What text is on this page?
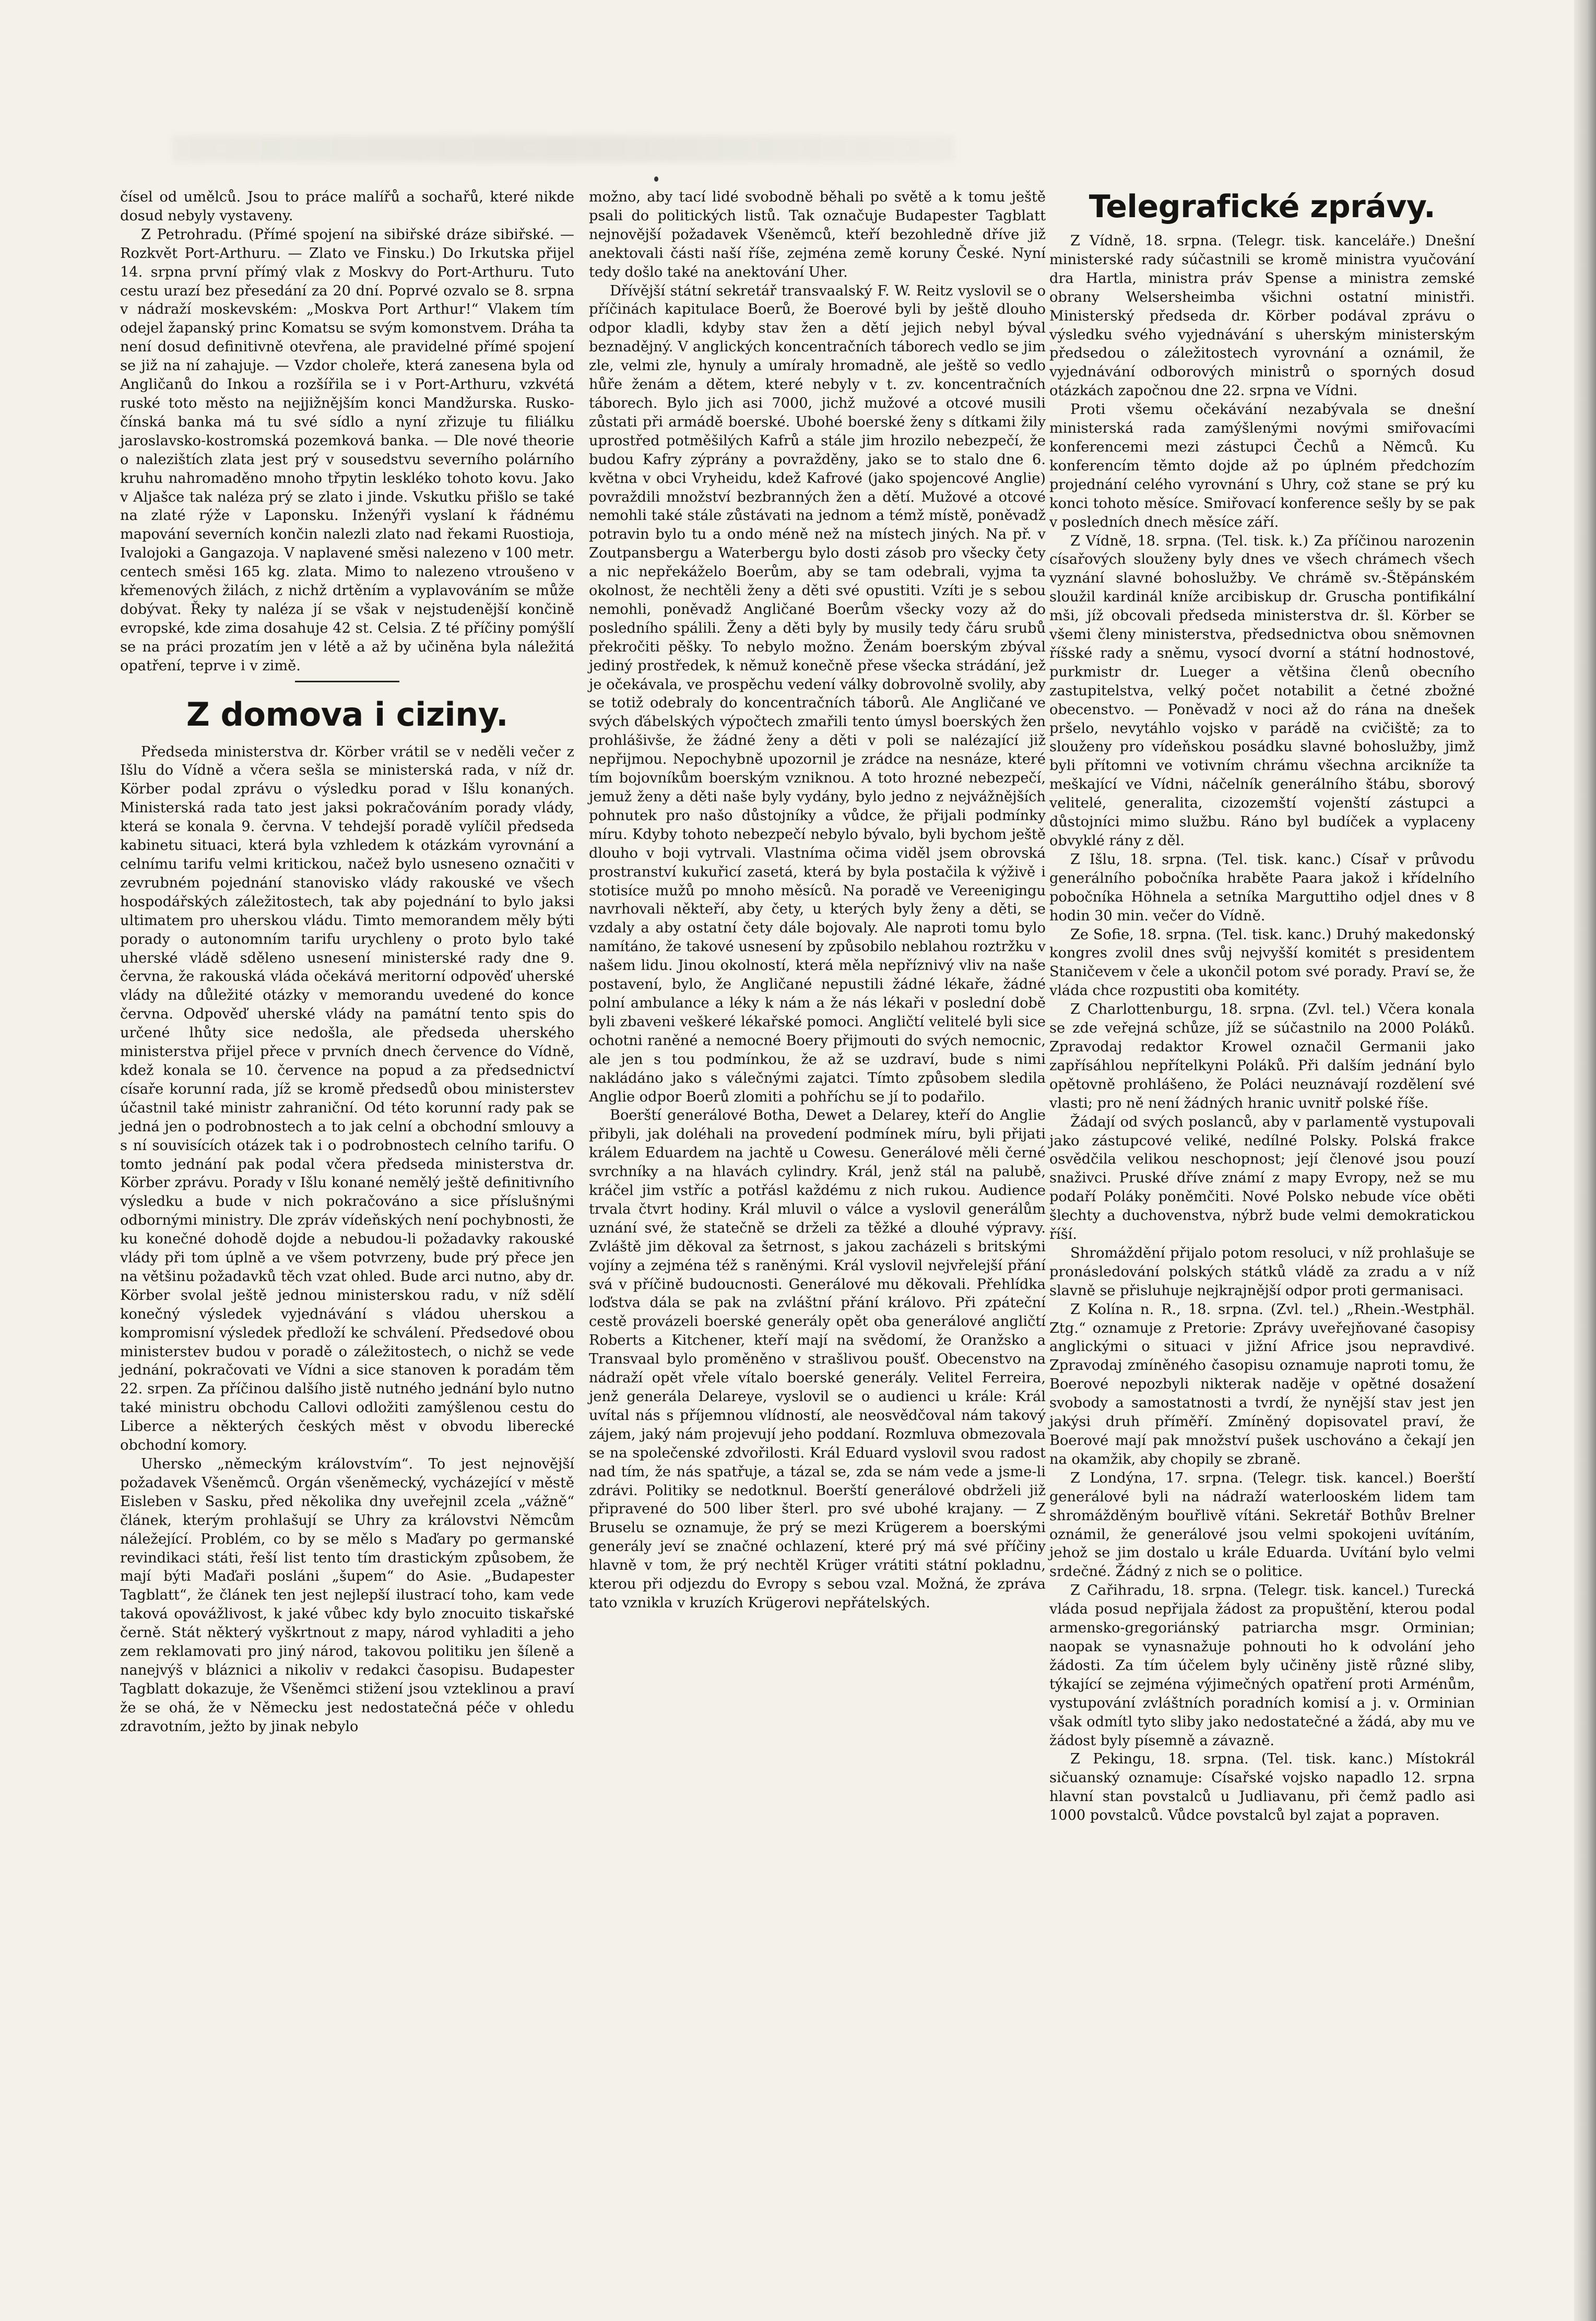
čísel od umělců. Jsou to práce malířů a sochařů, které nikde dosud nebyly vystaveny.

Z Petrohradu. (Přímé spojení na sibiřské dráze sibiřské. — Rozkvět Port-Arthuru. — Zlato ve Finsku.) Do Irkutska přijel 14. srpna první přímý vlak z Moskvy do Port-Arthuru. Tuto cestu urazí bez přesedání za 20 dní. Poprvé ozvalo se 8. srpna v nádraží moskevském: „Moskva Port Arthur!“ Vlakem tím odejel žapanský princ Komatsu se svým komonstvem. Dráha ta není dosud definitivně otevřena, ale pravidelné přímé spojení se již na ní zahajuje. — Vzdor choleře, která zanesena byla od Angličanů do Inkou a rozšířila se i v Port-Arthuru, vzkvétá ruské toto město na nejjižnějším konci Mandžurska. Rusko-čínská banka má tu své sídlo a nyní zřizuje tu filiálku jaroslavsko-kostromská pozemková banka. — Dle nové theorie o nalezištích zlata jest prý v sousedstvu severního polárního kruhu nahromaděno mnoho třpytin leskléko tohoto kovu. Jako v Aljašce tak naléza prý se zlato i jinde. Vskutku přišlo se také na zlaté rýže v Laponsku. Inženýři vyslaní k řádnému mapování severních končin nalezli zlato nad řekami Ruostioja, Ivalojoki a Gangazoja. V naplavené směsi nalezeno v 100 metr. centech směsi 165 kg. zlata. Mimo to nalezeno vtroušeno v křemenových žilách, z nichž drtěním a vyplavováním se může dobývat. Řeky ty naléza jí se však v nejstudenější končině evropské, kde zima dosahuje 42 st. Celsia. Z té příčiny pomýšlí se na práci prozatím jen v létě a až by učiněna byla náležitá opatření, teprve i v zimě.

Z domova i ciziny.

Předseda ministerstva dr. Körber vrátil se v neděli večer z Išlu do Vídně a včera sešla se ministerská rada, v níž dr. Körber podal zprávu o výsledku porad v Išlu konaných. Ministerská rada tato jest jaksi pokračováním porady vlády, která se konala 9. června. V tehdejší poradě vylíčil předseda kabinetu situaci, která byla vzhledem k otázkám vyrovnání a celnímu tarifu velmi kritickou, načež bylo usneseno označiti v zevrubném pojednání stanovisko vlády rakouské ve všech hospodářských záležitostech, tak aby pojednání to bylo jaksi ultimatem pro uherskou vládu. Timto memorandem měly býti porady o autonomním tarifu urychleny o proto bylo také uherské vládě sděleno usnesení ministerské rady dne 9. června, že rakouská vláda očekává meritorní odpověď uherské vlády na důležité otázky v memorandu uvedené do konce června. Odpověď uherské vlády na památní tento spis do určené lhůty sice nedošla, ale předseda uherského ministerstva přijel přece v prvních dnech července do Vídně, kdež konala se 10. července na popud a za předsednictví císaře korunní rada, jíž se kromě předsedů obou ministerstev účastnil také ministr zahraniční. Od této korunní rady pak se jedná jen o podrobnostech a to jak celní a obchodní smlouvy a s ní souvisících otázek tak i o podrobnostech celního tarifu. O tomto jednání pak podal včera předseda ministerstva dr. Körber zprávu. Porady v Išlu konané nemělý ještě definitivního výsledku a bude v nich pokračováno a sice příslušnými odbornými ministry. Dle zpráv vídeňských není pochybnosti, že ku konečné dohodě dojde a nebudou-li požadavky rakouské vlády při tom úplně a ve všem potvrzeny, bude prý přece jen na většinu požadavků těch vzat ohled. Bude arci nutno, aby dr. Körber svolal ještě jednou ministerskou radu, v níž sdělí konečný výsledek vyjednávání s vládou uherskou a kompromisní výsledek předloží ke schválení. Předsedové obou ministerstev budou v poradě o záležitostech, o nichž se vede jednání, pokračovati ve Vídni a sice stanoven k poradám těm 22. srpen. Za příčinou dalšího jistě nutného jednání bylo nutno také ministru obchodu Callovi odložiti zamýšlenou cestu do Liberce a některých českých měst v obvodu liberecké obchodní komory.

Uhersko „německým královstvím“. To jest nejnovější požadavek Všeněmců. Orgán všeněmecký, vycházející v městě Eisleben v Sasku, před několika dny uveřejnil zcela „vážně“ článek, kterým prohlašují se Uhry za královstvi Němcům náležející. Problém, co by se mělo s Maďary po germanské revindikaci státi, řeší list tento tím drastickým způsobem, že mají býti Maďaři posláni „šupem“ do Asie. „Budapester Tagblatt“, že článek ten jest nejlepší ilustrací toho, kam vede taková opovážlivost, k jaké vůbec kdy bylo znocuito tiskařské černě. Stát některý vyškrtnout z mapy, národ vyhladiti a jeho zem reklamovati pro jiný národ, takovou politiku jen šíleně a nanejvýš v bláznici a nikoliv v redakci časopisu. Budapester Tagblatt dokazuje, že Všeněmci stižení jsou vzteklinou a praví že se ohá, že v Německu jest nedostatečná péče v ohledu zdravotním, ježto by jinak nebylo

možno, aby tací lidé svobodně běhali po světě a k tomu ještě psali do politických listů. Tak označuje Budapester Tagblatt nejnovější požadavek Všeněmců, kteří bezohledně dříve již anektovali části naší říše, zejména země koruny České. Nyní tedy došlo také na anektování Uher.

Dřívější státní sekretář transvaalský F. W. Reitz vyslovil se o příčinách kapitulace Boerů, že Boerové byli by ještě dlouho odpor kladli, kdyby stav žen a dětí jejich nebyl býval beznadějný. V anglických koncentračních táborech vedlo se jim zle, velmi zle, hynuly a umíraly hromadně, ale ještě so vedlo hůře ženám a dětem, které nebyly v t. zv. koncentračních táborech. Bylo jich asi 7000, jichž mužové a otcové musili zůstati při armádě boerské. Ubohé boerské ženy s dítkami žily uprostřed potměšilých Kafrů a stále jim hrozilo nebezpečí, že budou Kafry zýprány a povražděny, jako se to stalo dne 6. května v obci Vryheidu, kdež Kafrové (jako spojencové Anglie) povraždili množství bezbranných žen a dětí. Mužové a otcové nemohli také stále zůstávati na jednom a témž místě, poněvadž potravin bylo tu a ondo méně než na místech jiných. Na př. v Zoutpansbergu a Waterbergu bylo dosti zásob pro všecky čety a nic nepřekáželo Boerům, aby se tam odebrali, vyjma ta okolnost, že nechtěli ženy a děti své opustiti. Vzíti je s sebou nemohli, poněvadž Angličané Boerům všecky vozy až do posledního spálili. Ženy a děti byly by musily tedy čáru srubů překročiti pěšky. To nebylo možno. Ženám boerským zbýval jediný prostředek, k němuž konečně přese všecka strádání, jež je očekávala, ve prospěchu vedení války dobrovolně svolily, aby se totiž odebraly do koncentračních táborů. Ale Angličané ve svých ďábelských výpočtech zmařili tento úmysl boerských žen prohlášivše, že žádné ženy a děti v poli se nalézající již nepřijmou. Nepochybně upozornil je zrádce na nesnáze, které tím bojovníkům boerským vzniknou. A toto hrozné nebezpečí, jemuž ženy a děti naše byly vydány, bylo jedno z nejvážnějších pohnutek pro našo důstojníky a vůdce, že přijali podmínky míru. Kdyby tohoto nebezpečí nebylo bývalo, byli bychom ještě dlouho v boji vytrvali. Vlastníma očima viděl jsem obrovská prostranství kukuřicí zasetá, která by byla postačila k výživě i stotisíce mužů po mnoho měsíců. Na poradě ve Vereenigingu navrhovali někteří, aby čety, u kterých byly ženy a děti, se vzdaly a aby ostatní čety dále bojovaly. Ale naproti tomu bylo namítáno, že takové usnesení by způsobilo neblahou roztržku v našem lidu. Jinou okolností, která měla nepříznivý vliv na naše postavení, bylo, že Angličané nepustili žádné lékaře, žádné polní ambulance a léky k nám a že nás lékaři v poslední době byli zbaveni veškeré lékařské pomoci. Angličtí velitelé byli sice ochotni raněné a nemocné Boery přijmouti do svých nemocnic, ale jen s tou podmínkou, že až se uzdraví, bude s nimi nakládáno jako s válečnými zajatci. Tímto způsobem sledila Anglie odpor Boerů zlomiti a pohříchu se jí to podařilo.

Boerští generálové Botha, Dewet a Delarey, kteří do Anglie přibyli, jak doléhali na provedení podmínek míru, byli přijati králem Eduardem na jachtě u Cowesu. Generálové měli černé svrchníky a na hlavách cylindry. Král, jenž stál na palubě, kráčel jim vstříc a potřásl každému z nich rukou. Audience trvala čtvrt hodiny. Král mluvil o válce a vyslovil generálům uznání své, že statečně se drželi za těžké a dlouhé výpravy. Zvláště jim děkoval za šetrnost, s jakou zacházeli s britskými vojíny a zejména též s raněnými. Král vyslovil nejvřelejší přání svá v příčině budoucnosti. Generálové mu děkovali. Přehlídka loďstva dála se pak na zvláštní přání královo. Při zpáteční cestě provázeli boerské generály opět oba generálové angličtí Roberts a Kitchener, kteří mají na svědomí, že Oranžsko a Transvaal bylo proměněno v strašlivou poušť. Obecenstvo na nádraží opět vřele vítalo boerské generály. Velitel Ferreira, jenž generála Delareye, vyslovil se o audienci u krále: Král uvítal nás s příjemnou vlídností, ale neosvědčoval nám takový zájem, jaký nám projevují jeho poddaní. Rozmluva obmezovala se na společenské zdvořilosti. Král Eduard vyslovil svou radost nad tím, že nás spatřuje, a tázal se, zda se nám vede a jsme-li zdrávi. Politiky se nedotknul. Boerští generálové obdrželi již připravené do 500 liber šterl. pro své ubohé krajany. — Z Bruselu se oznamuje, že prý se mezi Krügerem a boerskými generály jeví se značné ochlazení, které prý má své příčiny hlavně v tom, že prý nechtěl Krüger vrátiti státní pokladnu, kterou při odjezdu do Evropy s sebou vzal. Možná, že zpráva tato vznikla v kruzích Krügerovi nepřátelských.

Telegrafické zprávy.

Z Vídně, 18. srpna. (Telegr. tisk. kanceláře.) Dnešní ministerské rady súčastnili se kromě ministra vyučování dra Hartla, ministra práv Spense a ministra zemské obrany Welsersheimba všichni ostatní ministři. Ministerský předseda dr. Körber podával zprávu o výsledku svého vyjednávání s uherským ministerským předsedou o záležitostech vyrovnání a oznámil, že vyjednávání odborových ministrů o sporných dosud otázkách započnou dne 22. srpna ve Vídni.

Proti všemu očekávání nezabývala se dnešní ministerská rada zamýšlenými novými smiřovacími konferencemi mezi zástupci Čechů a Němců. Ku konferencím těmto dojde až po úplném předchozím projednání celého vyrovnání s Uhry, což stane se prý ku konci tohoto měsíce. Smiřovací konference sešly by se pak v posledních dnech měsíce září.

Z Vídně, 18. srpna. (Tel. tisk. k.) Za příčinou narozenin císařových slouženy byly dnes ve všech chrámech všech vyznání slavné bohoslužby. Ve chrámě sv.-Štěpánském sloužil kardinál kníže arcibiskup dr. Gruscha pontifikální mši, jíž obcovali předseda ministerstva dr. šl. Körber se všemi členy ministerstva, předsednictva obou sněmovnen říšské rady a sněmu, vysocí dvorní a státní hodnostové, purkmistr dr. Lueger a většina členů obecního zastupitelstva, velký počet notabilit a četné zbožné obecenstvo. — Poněvadž v noci až do rána na dnešek pršelo, nevytáhlo vojsko v parádě na cvičiště; za to slouženy pro vídeňskou posádku slavné bohoslužby, jimž byli přítomni ve votivním chrámu všechna arcikníže ta meškající ve Vídni, náčelník generálního štábu, sborový velitelé, generalita, cizozemští vojenští zástupci a důstojníci mimo službu. Ráno byl budíček a vyplaceny obvyklé rány z děl.

Z Išlu, 18. srpna. (Tel. tisk. kanc.) Císař v průvodu generálního pobočníka hraběte Paara jakož i křídelního pobočníka Höhnela a setníka Marguttiho odjel dnes v 8 hodin 30 min. večer do Vídně.

Ze Sofie, 18. srpna. (Tel. tisk. kanc.) Druhý makedonský kongres zvolil dnes svůj nejvyšší komitét s presidentem Staničevem v čele a ukončil potom své porady. Praví se, že vláda chce rozpustiti oba komitéty.

Z Charlottenburgu, 18. srpna. (Zvl. tel.) Včera konala se zde veřejná schůze, jíž se súčastnilo na 2000 Poláků. Zpravodaj redaktor Krowel označil Germanii jako zapřísáhlou nepřítelkyni Poláků. Při dalším jednání bylo opětovně prohlášeno, že Poláci neuznávají rozdělení své vlasti; pro ně není žádných hranic uvnitř polské říše.

Žádají od svých poslanců, aby v parlamentě vystupovali jako zástupcové veliké, nedílné Polsky. Polská frakce osvědčila velikou neschopnost; její členové jsou pouzí snaživci. Pruské dříve známí z mapy Evropy, než se mu podaří Poláky poněmčiti. Nové Polsko nebude více oběti šlechty a duchovenstva, nýbrž bude velmi demokratickou říší.

Shromáždění přijalo potom resoluci, v níž prohlašuje se pronásledování polských státků vládě za zradu a v níž slavně se přisluhuje nejkrajnější odpor proti germanisaci.

Z Kolína n. R., 18. srpna. (Zvl. tel.) „Rhein.-Westphäl. Ztg.“ oznamuje z Pretorie: Zprávy uveřejňované časopisy anglickými o situaci v jižní Africe jsou nepravdivé. Zpravodaj zmíněného časopisu oznamuje naproti tomu, že Boerové nepozbyli nikterak naděje v opětné dosažení svobody a samostatnosti a tvrdí, že nynější stav jest jen jakýsi druh příměří. Zmíněný dopisovatel praví, že Boerové mají pak množství pušek uschováno a čekají jen na okamžik, aby chopily se zbraně.

Z Londýna, 17. srpna. (Telegr. tisk. kancel.) Boerští generálové byli na nádraží waterlooském lidem tam shromážděným bouřlivě vítáni. Sekretář Bothův Brelner oznámil, že generálové jsou velmi spokojeni uvítáním, jehož se jim dostalo u krále Eduarda. Uvítání bylo velmi srdečné. Žádný z nich se o politice.

Z Cařihradu, 18. srpna. (Telegr. tisk. kancel.) Turecká vláda posud nepřijala žádost za propuštění, kterou podal armensko-gregoriánský patriarcha msgr. Orminian; naopak se vynasnažuje pohnouti ho k odvolání jeho žádosti. Za tím účelem byly učiněny jistě různé sliby, týkající se zejména výjimečných opatření proti Arménům, vystupování zvláštních poradních komisí a j. v. Orminian však odmítl tyto sliby jako nedostatečné a žádá, aby mu ve žádost byly písemně a závazně.

Z Pekingu, 18. srpna. (Tel. tisk. kanc.) Místokrál sičuanský oznamuje: Císařské vojsko napadlo 12. srpna hlavní stan povstalců u Judliavanu, při čemž padlo asi 1000 povstalců. Vůdce povstalců byl zajat a popraven.
